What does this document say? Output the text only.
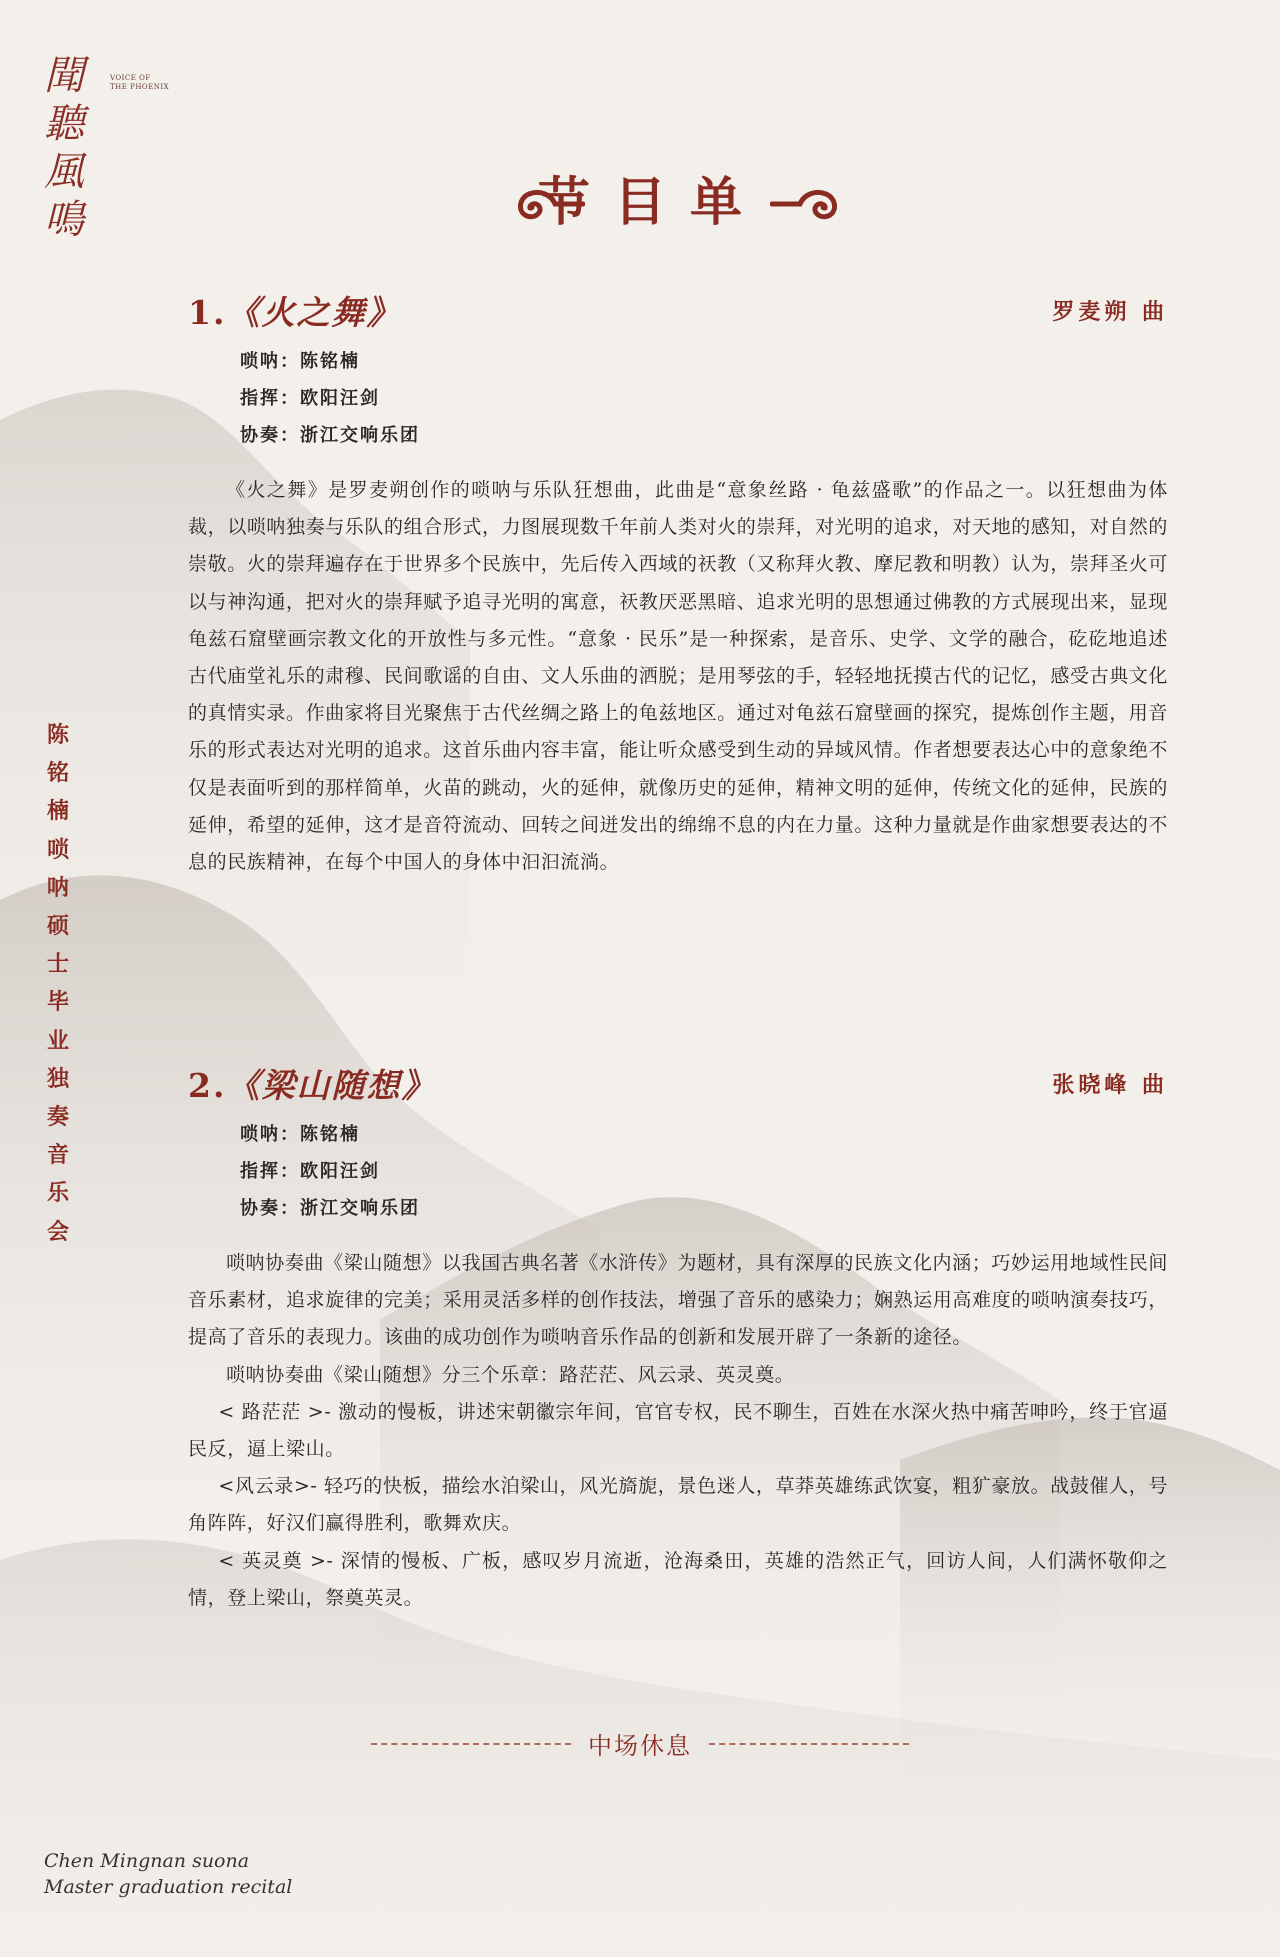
聞聽風鳴
VOICE OF
THE PHOENIX
节目单
陈
铭
楠
唢
呐
硕
士
毕
业
独
奏
音
乐
会
1.《火之舞》	罗麦朔 曲
唢呐：陈铭楠
指挥：欧阳汪剑
协奏：浙江交响乐团

《火之舞》是罗麦朔创作的唢呐与乐队狂想曲，此曲是“意象丝路 · 龟兹盛歌”的作品之一。以狂想曲为体裁，以唢呐独奏与乐队的组合形式，力图展现数千年前人类对火的崇拜，对光明的追求，对天地的感知，对自然的崇敬。火的崇拜遍存在于世界多个民族中，先后传入西域的祆教（又称拜火教、摩尼教和明教）认为，崇拜圣火可以与神沟通，把对火的崇拜赋予追寻光明的寓意，祆教厌恶黑暗、追求光明的思想通过佛教的方式展现出来，显现龟兹石窟壁画宗教文化的开放性与多元性。“意象 · 民乐”是一种探索，是音乐、史学、文学的融合，矻矻地追述古代庙堂礼乐的肃穆、民间歌谣的自由、文人乐曲的洒脱；是用琴弦的手，轻轻地抚摸古代的记忆，感受古典文化的真情实录。作曲家将目光聚焦于古代丝绸之路上的龟兹地区。通过对龟兹石窟壁画的探究，提炼创作主题，用音乐的形式表达对光明的追求。这首乐曲内容丰富，能让听众感受到生动的异域风情。作者想要表达心中的意象绝不仅是表面听到的那样简单，火苗的跳动，火的延伸，就像历史的延伸，精神文明的延伸，传统文化的延伸，民族的延伸，希望的延伸，这才是音符流动、回转之间迸发出的绵绵不息的内在力量。这种力量就是作曲家想要表达的不息的民族精神，在每个中国人的身体中汩汩流淌。

2.《梁山随想》	张晓峰 曲
唢呐：陈铭楠
指挥：欧阳汪剑
协奏：浙江交响乐团

唢呐协奏曲《梁山随想》以我国古典名著《水浒传》为题材，具有深厚的民族文化内涵；巧妙运用地域性民间音乐素材，追求旋律的完美；采用灵活多样的创作技法，增强了音乐的感染力；娴熟运用高难度的唢呐演奏技巧，提高了音乐的表现力。该曲的成功创作为唢呐音乐作品的创新和发展开辟了一条新的途径。

唢呐协奏曲《梁山随想》分三个乐章：路茫茫、风云录、英灵奠。

< 路茫茫 >- 激动的慢板，讲述宋朝徽宗年间，官官专权，民不聊生，百姓在水深火热中痛苦呻吟，终于官逼民反，逼上梁山。

<风云录>- 轻巧的快板，描绘水泊梁山，风光旖旎，景色迷人，草莽英雄练武饮宴，粗犷豪放。战鼓催人，号角阵阵，好汉们赢得胜利，歌舞欢庆。

< 英灵奠 >- 深情的慢板、广板，感叹岁月流逝，沧海桑田，英雄的浩然正气，回访人间，人们满怀敬仰之情，登上梁山，祭奠英灵。

中场休息
Chen Mingnan suona
Master graduation recital
